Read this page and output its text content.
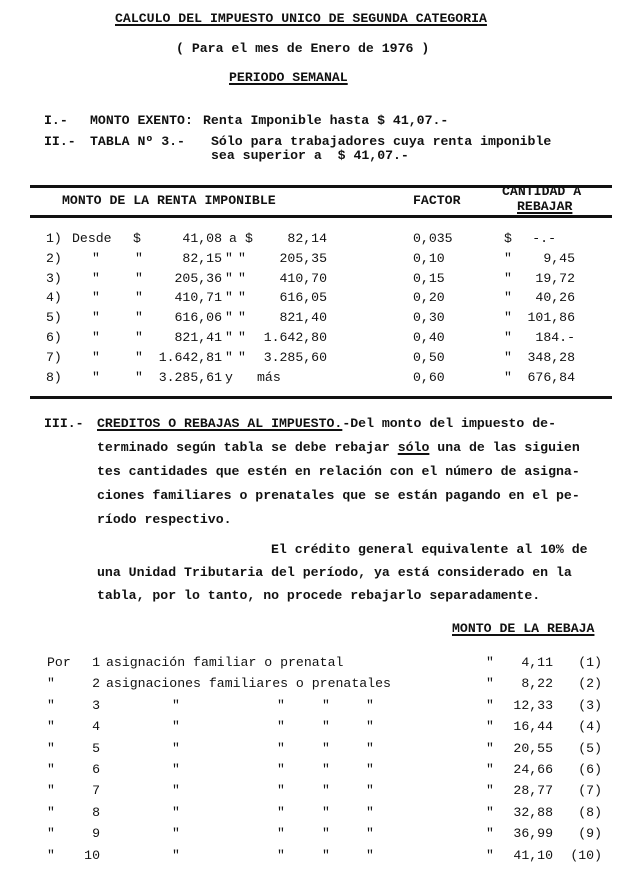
CALCULO DEL IMPUESTO UNICO DE SEGUNDA CATEGORIA
( Para el mes de Enero de 1976 )
PERIODO SEMANAL
I.- MONTO EXENTO: Renta Imponible hasta $ 41,07.-
II.- TABLA Nº 3.- Sólo para trabajadores cuya renta imponible
sea superior a  $ 41,07.-
MONTO DE LA RENTA IMPONIBLE	FACTOR
CANTIDAD A
REBAJAR
1) Desde $	41,08 a $	82,14	0,035	$ -.-
2) "	"	82,15 " "	205,35	0,10	" 9,45
3) "	" 205,36 " "	410,70	0,15	" 19,72
4) "	" 410,71 " "	616,05	0,20	" 40,26
5) "	" 616,06 " "	821,40	0,30	" 101,86
6) "	" 821,41 " " 1.642,80	0,40	" 184.-
7) "	" 1.642,81 " " 3.285,60	0,50	" 348,28
8) "	" 3.285,61 y más	0,60	" 676,84
III.- CREDITOS O REBAJAS AL IMPUESTO.-Del monto del impuesto de-
terminado según tabla se debe rebajar sólo una de las siguien
tes cantidades que estén en relación con el número de asigna-
ciones familiares o prenatales que se están pagando en el pe-
ríodo respectivo.
El crédito general equivalente al 10% de
una Unidad Tributaria del período, ya está considerado en la
tabla, por lo tanto, no procede rebajarlo separadamente.
MONTO DE LA REBAJA
Por 1 asignación familiar o prenatal	" 4,11 (1)
"	2 asignaciones familiares o prenatales	" 8,22 (2)
"	3	"	"	"	"	" 12,33 (3)
"	4	"	"	"	"	" 16,44 (4)
"	5	"	"	"	"	" 20,55 (5)
"	6	"	"	"	"	" 24,66 (6)
"	7	"	"	"	"	" 28,77 (7)
"	8	"	"	"	"	" 32,88 (8)
"	9	"	"	"	"	" 36,99 (9)
" 10	"	"	"	"	" 41,10 (10)
